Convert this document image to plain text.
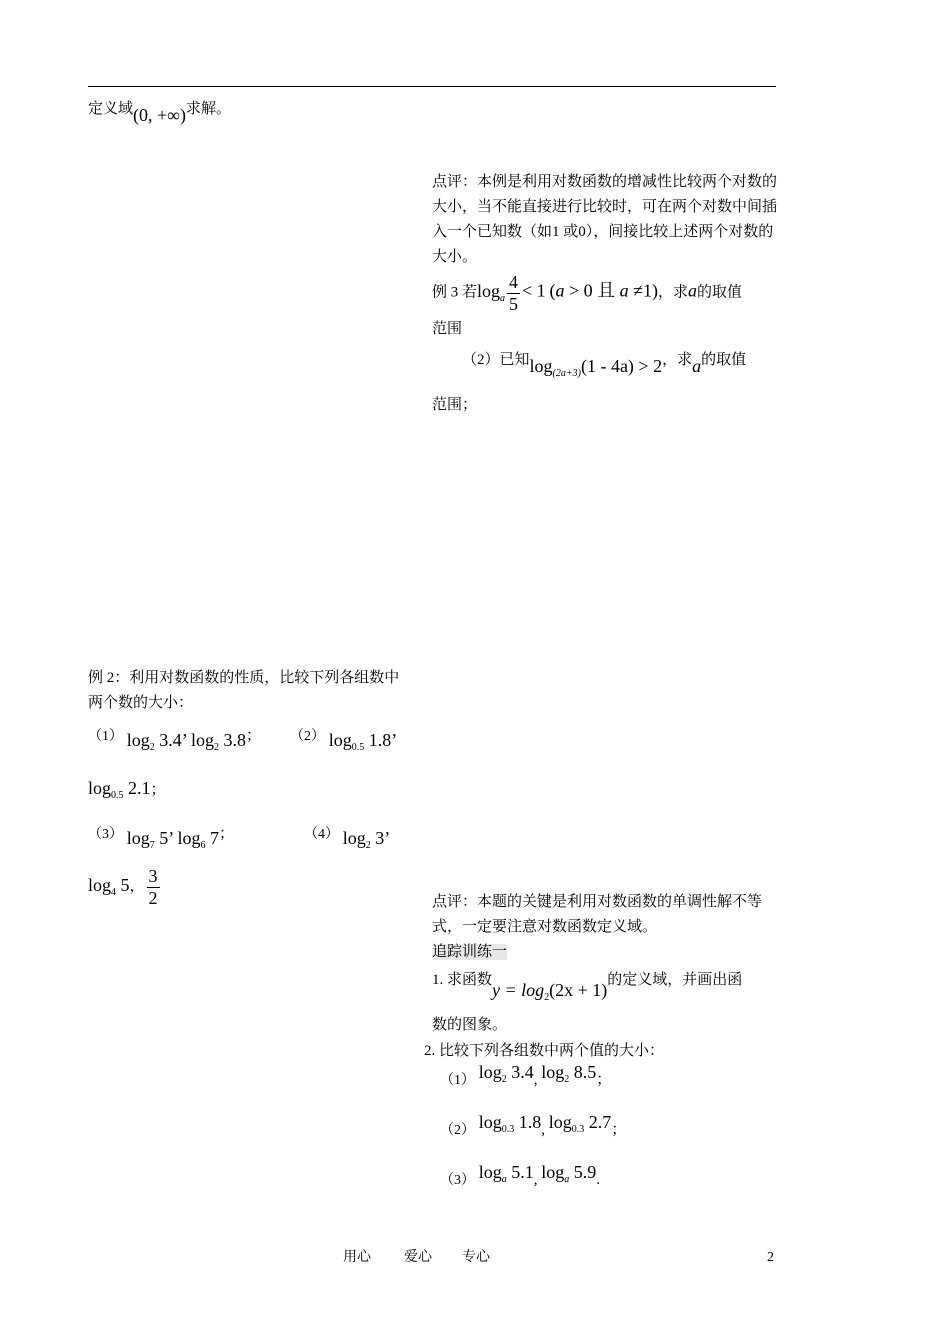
定义域(0, +∞)求解。
点评：本例是利用对数函数的增减性比较两个对数的大小，当不能直接进行比较时，可在两个对数中间插入一个已知数（如1 或0），间接比较上述两个对数的大小。
例 3 若$\log_a \frac{4}{5} < 1$ (a > 0 且 a ≠1)，求a的取值
范围
（2）已知$\log_{(2a+3)}(1 - 4a) > 2$，求a的取值
范围；
例 2：利用对数函数的性质，比较下列各组数中两个数的大小：
（1） $\log_2 3.4$’ $\log_2 3.8$； （2） $\log_{0.5} 1.8$’
$\log_{0.5} 2.1$；
（3） $\log_7 5$’ $\log_6 7$；	（4） $\log_2 3$’
$\log_4 5$， $\frac{3}{2}$	点评：本题的关键是利用对数函数的单调性解不等式，一定要注意对数函数定义域。
追踪训练一
1. 求函数$y = \log_2(2x + 1)$的定义域，并画出函
数的图象。
2. 比较下列各组数中两个值的大小：
（1） $\log_2 3.4$, $\log_2 8.5$；
（2） $\log_{0.3} 1.8$, $\log_{0.3} 2.7$；
（3） $\log_a 5.1$, $\log_a 5.9$.
用心 爱心 专心	2
